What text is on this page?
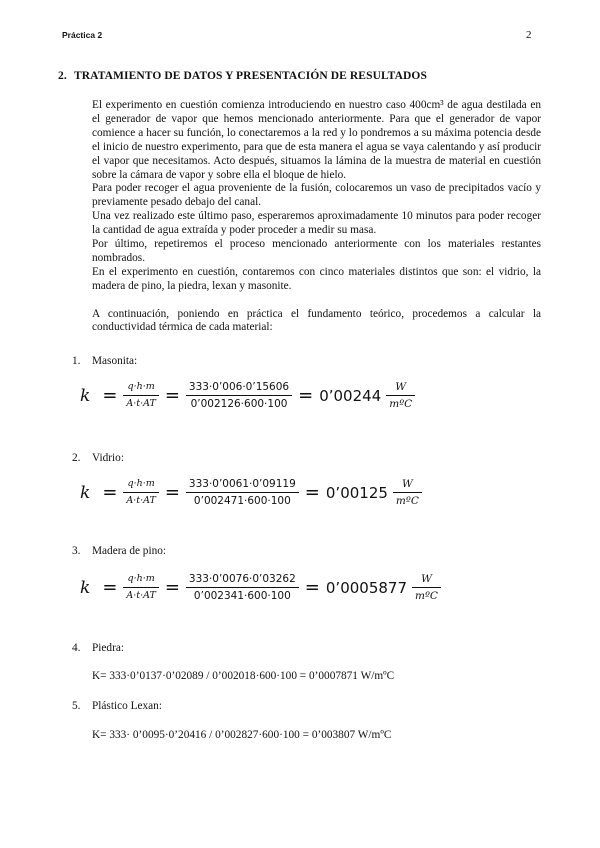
Práctica 2	2
2. TRATAMIENTO DE DATOS Y PRESENTACIÓN DE RESULTADOS

El experimento en cuestión comienza introduciendo en nuestro caso 400cm³ de agua destilada en el generador de vapor que hemos mencionado anteriormente. Para que el generador de vapor comience a hacer su función, lo conectaremos a la red y lo pondremos a su máxima potencia desde el inicio de nuestro experimento, para que de esta manera el agua se vaya calentando y así producir el vapor que necesitamos. Acto después, situamos la lámina de la muestra de material en cuestión sobre la cámara de vapor y sobre ella el bloque de hielo.

Para poder recoger el agua proveniente de la fusión, colocaremos un vaso de precipitados vacío y previamente pesado debajo del canal.

Una vez realizado este último paso, esperaremos aproximadamente 10 minutos para poder recoger la cantidad de agua extraída y poder proceder a medir su masa.

Por último, repetiremos el proceso mencionado anteriormente con los materiales restantes nombrados.

En el experimento en cuestión, contaremos con cinco materiales distintos que son: el vidrio, la madera de pino, la piedra, lexan y masonite.

A continuación, poniendo en práctica el fundamento teórico, procedemos a calcular la conductividad térmica de cada material:

1. Masonita:
$k = \frac{q\cdot h\cdot m}{A\cdot t\cdot AT} = \frac{333\cdot 0’006\cdot 0’15606}{0’002126\cdot 600\cdot 100}$ = 0’00244 $\frac{W}{\text{mºC}}$
2. Vidrio:
$k = \frac{q\cdot h\cdot m}{A\cdot t\cdot AT} = \frac{333\cdot 0’0061\cdot 0’09119}{0’002471\cdot 600\cdot 100}$ = 0’00125 $\frac{W}{\text{mºC}}$
3. Madera de pino:
$k = \frac{q\cdot h\cdot m}{A\cdot t\cdot AT} = \frac{333\cdot 0’0076\cdot 0’03262}{0’002341\cdot 600\cdot 100}$ = 0’0005877 $\frac{W}{\text{mºC}}$
4. Piedra:
K= 333·0’0137·0’02089 / 0’002018·600·100 = 0’0007871 W/mºC
5. Plástico Lexan:
K= 333· 0’0095·0’20416 / 0’002827·600·100 = 0’003807 W/mºC
